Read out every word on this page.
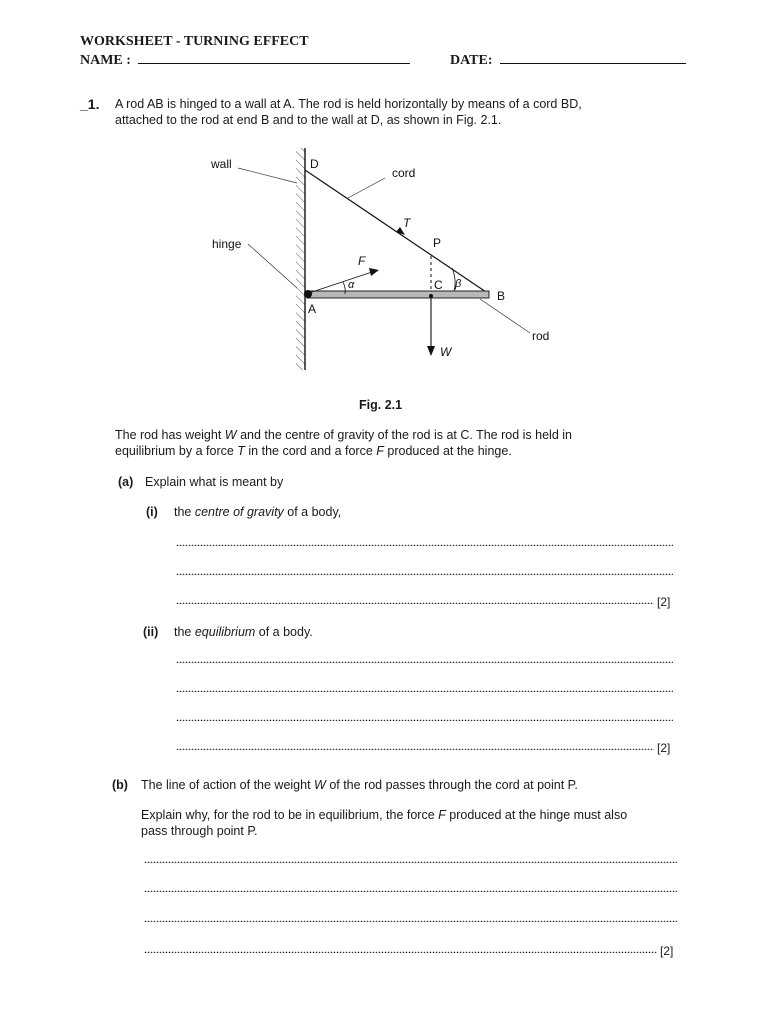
WORKSHEET - TURNING EFFECT
NAME :	DATE:
_1. A rod AB is hinged to a wall at A. The rod is held horizontally by means of a cord BD,
attached to the rod at end B and to the wall at D, as shown in Fig. 2.1.
wall
cord
hinge
rod
D
A
B
C
P
T
F
W
α	β
Fig. 2.1
The rod has weight W and the centre of gravity of the rod is at C. The rod is held in
equilibrium by a force T in the cord and a force F produced at the hinge.
(a) Explain what is meant by
(i) the centre of gravity of a body,
[2]
(ii) the equilibrium of a body.
[2]
(b) The line of action of the weight W of the rod passes through the cord at point P.
Explain why, for the rod to be in equilibrium, the force F produced at the hinge must also
pass through point P.
[2]
